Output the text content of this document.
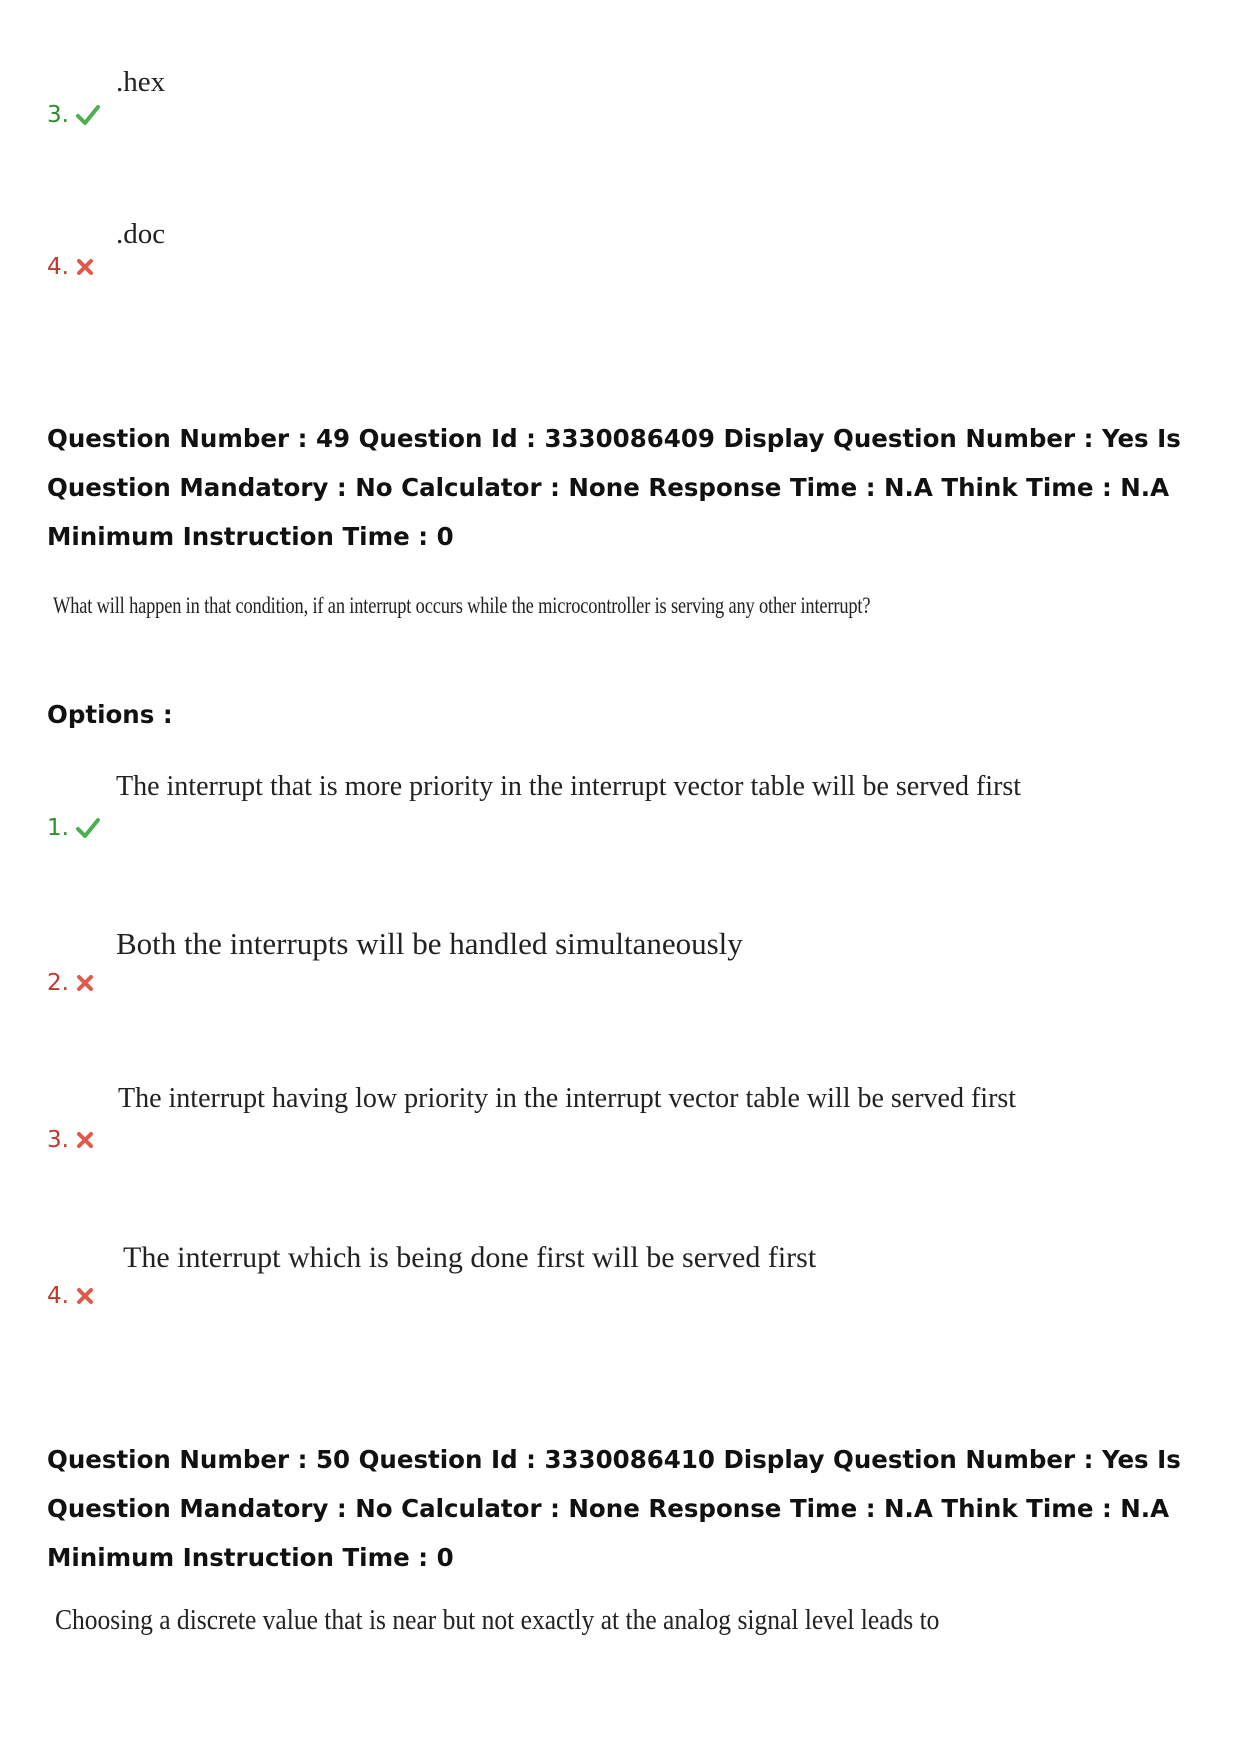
.hex
3.
.doc
4.
Question Number : 49 Question Id : 3330086409 Display Question Number : Yes Is Question Mandatory : No Calculator : None Response Time : N.A Think Time : N.A Minimum Instruction Time : 0
What will happen in that condition, if an interrupt occurs while the microcontroller is serving any other interrupt?
Options :
The interrupt that is more priority in the interrupt vector table will be served first
1.
Both the interrupts will be handled simultaneously
2.
The interrupt having low priority in the interrupt vector table will be served first
3.
The interrupt which is being done first will be served first
4.
Question Number : 50 Question Id : 3330086410 Display Question Number : Yes Is Question Mandatory : No Calculator : None Response Time : N.A Think Time : N.A Minimum Instruction Time : 0
Choosing a discrete value that is near but not exactly at the analog signal level leads to
